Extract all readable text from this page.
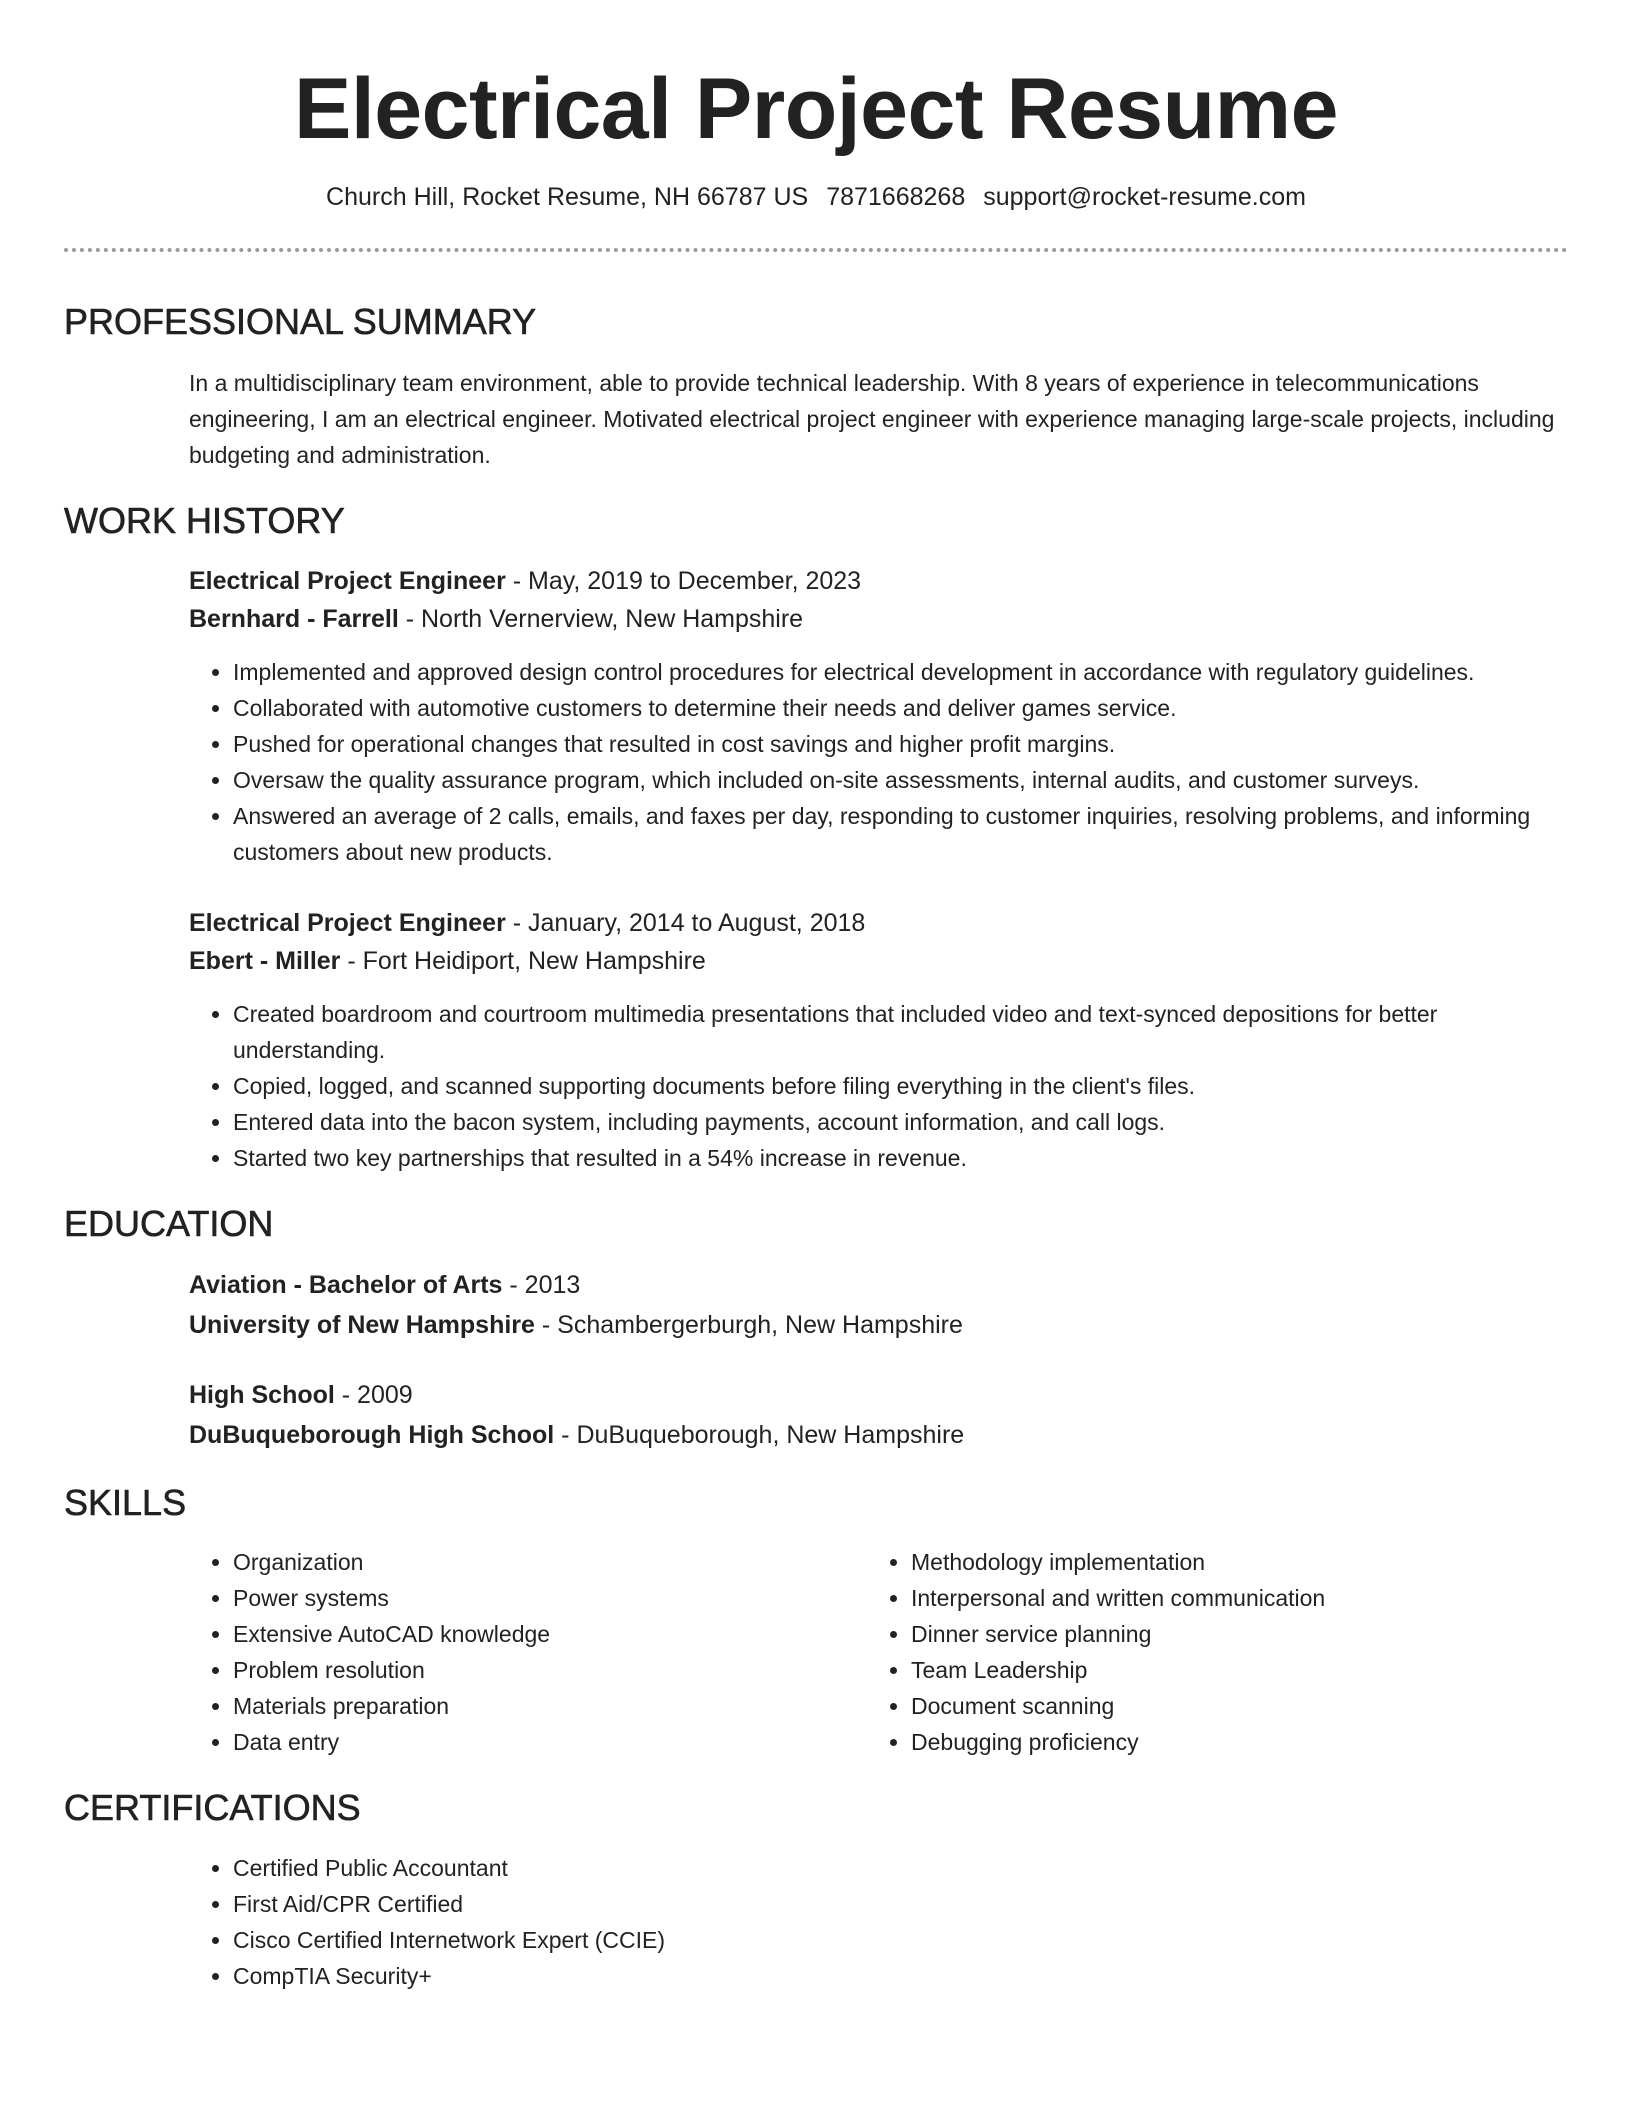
Electrical Project Resume
Church Hill, Rocket Resume, NH 66787 US 7871668268 support@rocket-resume.com
PROFESSIONAL SUMMARY

In a multidisciplinary team environment, able to provide technical leadership. With 8 years of experience in telecommunications engineering, I am an electrical engineer. Motivated electrical project engineer with experience managing large-scale projects, including budgeting and administration.

WORK HISTORY
Electrical Project Engineer - May, 2019 to December, 2023
Bernhard - Farrell - North Vernerview, New Hampshire
• Implemented and approved design control procedures for electrical development in accordance with regulatory guidelines.
• Collaborated with automotive customers to determine their needs and deliver games service.
• Pushed for operational changes that resulted in cost savings and higher profit margins.
• Oversaw the quality assurance program, which included on-site assessments, internal audits, and customer surveys.
• Answered an average of 2 calls, emails, and faxes per day, responding to customer inquiries, resolving problems, and informing customers about new products.
Electrical Project Engineer - January, 2014 to August, 2018
Ebert - Miller - Fort Heidiport, New Hampshire
• Created boardroom and courtroom multimedia presentations that included video and text-synced depositions for better understanding.
• Copied, logged, and scanned supporting documents before filing everything in the client's files.
• Entered data into the bacon system, including payments, account information, and call logs.
• Started two key partnerships that resulted in a 54% increase in revenue.
EDUCATION
Aviation - Bachelor of Arts - 2013
University of New Hampshire - Schambergerburgh, New Hampshire
High School - 2009
DuBuqueborough High School - DuBuqueborough, New Hampshire
SKILLS
• Organization
• Power systems
• Extensive AutoCAD knowledge
• Problem resolution
• Materials preparation
• Data entry
• Methodology implementation
• Interpersonal and written communication
• Dinner service planning
• Team Leadership
• Document scanning
• Debugging proficiency
CERTIFICATIONS
• Certified Public Accountant
• First Aid/CPR Certified
• Cisco Certified Internetwork Expert (CCIE)
• CompTIA Security+
